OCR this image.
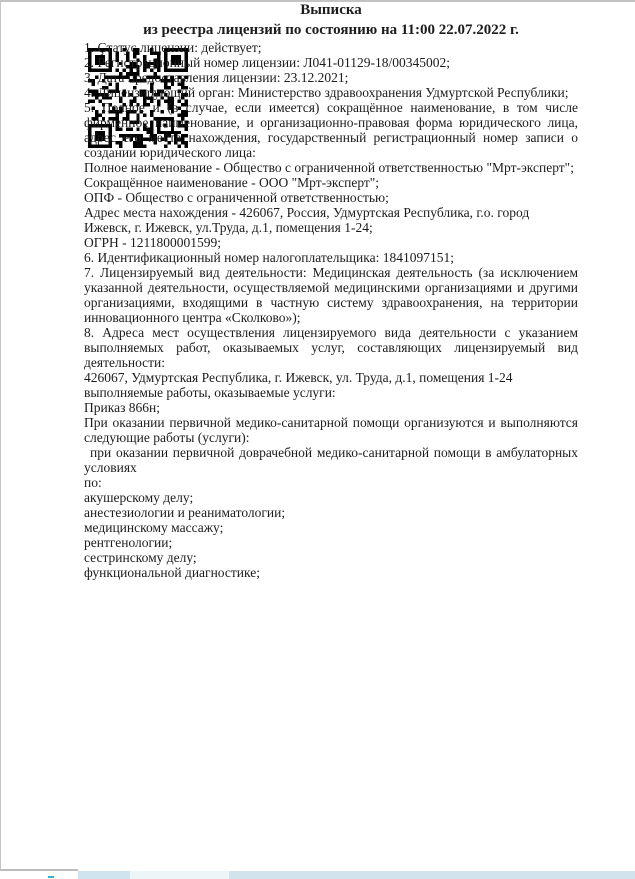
Выписка
из реестра лицензий по состоянию на 11:00 22.07.2022 г.

1. Ҫтатус лицензии: действует;

2. Регистрационный номер лицензии: Л041-01129-18/00345002;

3. Дата предоставления лицензии: 23.12.2021;

4. Лицензирующий орган: Министерство здравоохранения Удмуртской Республики;

5. Полное и (в случае, если имеется) сокращённое наименование, в том числе фирменное наименование, и организационно-правовая форма юридического лица, адрес его места нахождения, государственный регистрационный номер записи о создании юридического лица:

Полное наименование - Общество с ограниченной ответственностью "Мрт-эксперт";
Сокращённое наименование - ООО "Мрт-эксперт";
ОПФ - Общество с ограниченной ответственностью;
Адрес места нахождения - 426067, Россия, Удмуртская Республика, г.о. город Ижевск, г. Ижевск, ул.Труда, д.1, помещения 1-24;
ОГРН - 1211800001599;

6. Идентификационный номер налогоплательщика: 1841097151;

7. Лицензируемый вид деятельности: Медицинская деятельность (за исключением указанной деятельности, осуществляемой медицинскими организациями и другими организациями, входящими в частную систему здравоохранения, на территории инновационного центра «Сколково»);

8. Адреса мест осуществления лицензируемого вида деятельности с указанием выполняемых работ, оказываемых услуг, составляющих лицензируемый вид деятельности:

426067, Удмуртская Республика, г. Ижевск, ул. Труда, д.1, помещения 1-24

выполняемые работы, оказываемые услуги:
Приказ 866н;
При оказании первичной медико-санитарной помощи организуются и выполняются следующие работы (услуги):
при оказании первичной доврачебной медико-санитарной помощи в амбулаторных условиях
по:
акушерскому делу;
анестезиологии и реаниматологии;
медицинскому массажу;
рентгенологии;
сестринскому делу;
функциональной диагностике;
